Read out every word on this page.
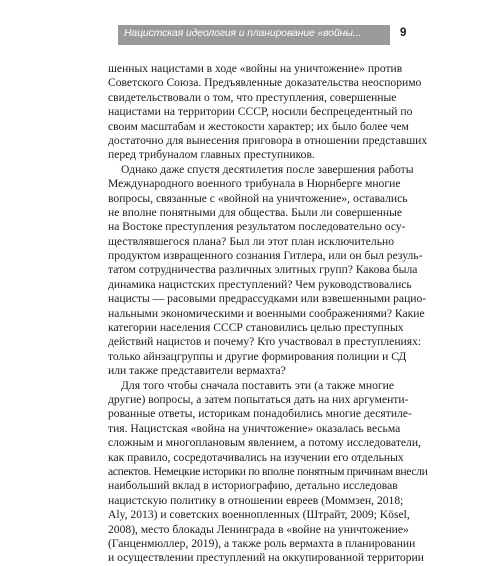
Нацистская идеология и планирование «войны...	9
шенных нацистами в ходе «войны на уничтожение» против
Советского Союза. Предъявленные доказательства неоспоримо
свидетельствовали о том, что преступления, совершенные
нацистами на территории СССР, носили беспрецедентный по
своим масштабам и жестокости характер; их было более чем
достаточно для вынесения приговора в отношении представших
перед трибуналом главных преступников.
Однако даже спустя десятилетия после завершения работы
Международного военного трибунала в Нюрнберге многие
вопросы, связанные с «войной на уничтожение», оставались
не вполне понятными для общества. Были ли совершенные
на Востоке преступления результатом последовательно осу-
ществлявшегося плана? Был ли этот план исключительно
продуктом извращенного сознания Гитлера, или он был резуль-
татом сотрудничества различных элитных групп? Какова была
динамика нацистских преступлений? Чем руководствовались
нацисты — расовыми предрассудками или взвешенными рацио-
нальными экономическими и военными соображениями? Какие
категории населения СССР становились целью преступных
действий нацистов и почему? Кто участвовал в преступлениях:
только айнзацгруппы и другие формирования полиции и СД
или также представители вермахта?
Для того чтобы сначала поставить эти (а также многие
другие) вопросы, а затем попытаться дать на них аргументи-
рованные ответы, историкам понадобились многие десятиле-
тия. Нацистская «война на уничтожение» оказалась весьма
сложным и многоплановым явлением, а потому исследователи,
как правило, сосредотачивались на изучении его отдельных
аспектов. Немецкие историки по вполне понятным причинам внесли
наибольший вклад в историографию, детально исследовав
нацистскую политику в отношении евреев (Моммзен, 2018;
Aly, 2013) и советских военнопленных (Штрайт, 2009; Kösel,
2008), место блокады Ленинграда в «войне на уничтожение»
(Ганценмюллер, 2019), а также роль вермахта в планировании
и осуществлении преступлений на оккупированной территории
